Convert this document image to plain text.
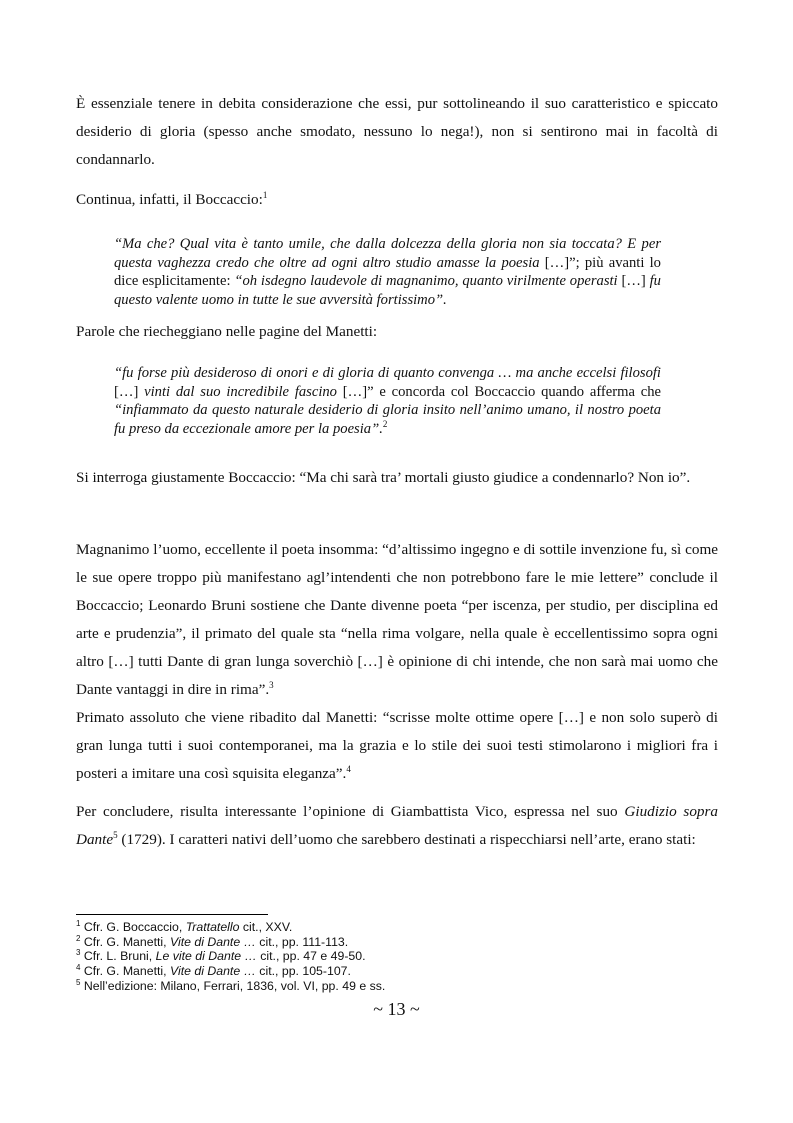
È essenziale tenere in debita considerazione che essi, pur sottolineando il suo caratteristico e spiccato desiderio di gloria (spesso anche smodato, nessuno lo nega!), non si sentirono mai in facoltà di condannarlo.

Continua, infatti, il Boccaccio:$^1$

“Ma che? Qual vita è tanto umile, che dalla dolcezza della gloria non sia toccata? E per questa vaghezza credo che oltre ad ogni altro studio amasse la poesia […]”; più avanti lo dice esplicitamente: “oh isdegno laudevole di magnanimo, quanto virilmente operasti […] fu questo valente uomo in tutte le sue avversità fortissimo”.

Parole che riecheggiano nelle pagine del Manetti:

“fu forse più desideroso di onori e di gloria di quanto convenga … ma anche eccelsi filosofi […] vinti dal suo incredibile fascino […]” e concorda col Boccaccio quando afferma che “infiammato da questo naturale desiderio di gloria insito nell’animo umano, il nostro poeta fu preso da eccezionale amore per la poesia”.$^2$

Si interroga giustamente Boccaccio: “Ma chi sarà tra’ mortali giusto giudice a condennarlo? Non io”.

Magnanimo l’uomo, eccellente il poeta insomma: “d’altissimo ingegno e di sottile invenzione fu, sì come le sue opere troppo più manifestano agl’intendenti che non potrebbono fare le mie lettere” conclude il Boccaccio; Leonardo Bruni sostiene che Dante divenne poeta “per iscenza, per studio, per disciplina ed arte e prudenzia”, il primato del quale sta “nella rima volgare, nella quale è eccellentissimo sopra ogni altro […] tutti Dante di gran lunga soverchiò […] è opinione di chi intende, che non sarà mai uomo che Dante vantaggi in dire in rima”.$^3$

Primato assoluto che viene ribadito dal Manetti: “scrisse molte ottime opere […] e non solo superò di gran lunga tutti i suoi contemporanei, ma la grazia e lo stile dei suoi testi stimolarono i migliori fra i posteri a imitare una così squisita eleganza”.$^4$

Per concludere, risulta interessante l’opinione di Giambattista Vico, espressa nel suo Giudizio sopra Dante$^5$ (1729). I caratteri nativi dell’uomo che sarebbero destinati a rispecchiarsi nell’arte, erano stati:

$^1$ Cfr. G. Boccaccio, Trattatello cit., XXV.
$^2$ Cfr. G. Manetti, Vite di Dante … cit., pp. 111-113.
$^3$ Cfr. L. Bruni, Le vite di Dante … cit., pp. 47 e 49-50.
$^4$ Cfr. G. Manetti, Vite di Dante … cit., pp. 105-107.
$^5$ Nell’edizione: Milano, Ferrari, 1836, vol. VI, pp. 49 e ss.
~ 13 ~
